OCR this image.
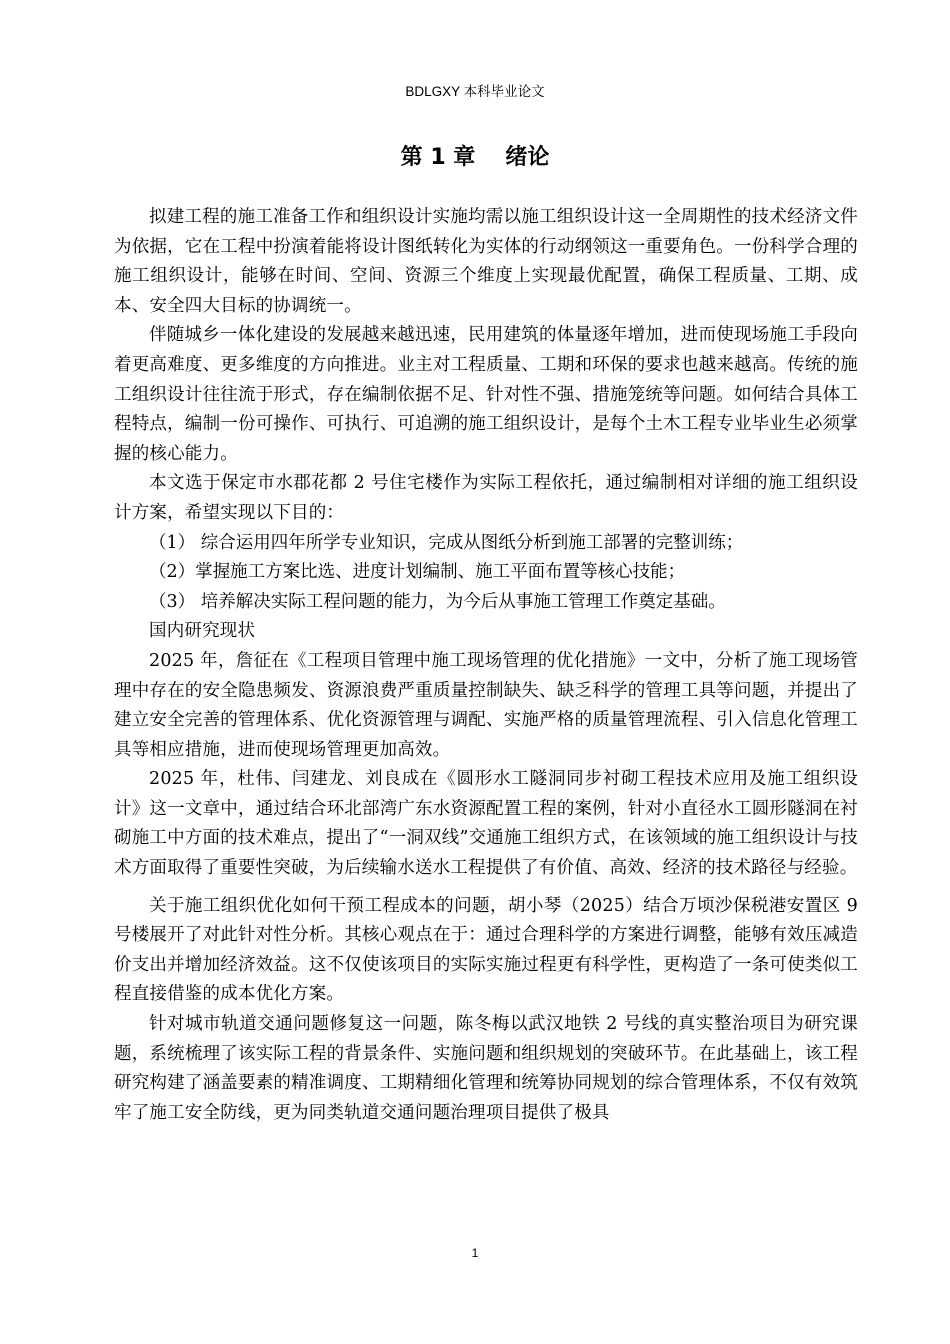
BDLGXY 本科毕业论文
第 1 章 绪论

拟建工程的施工准备工作和组织设计实施均需以施工组织设计这一全周期性的技术经济文件为依据，它在工程中扮演着能将设计图纸转化为实体的行动纲领这一重要角色。一份科学合理的施工组织设计，能够在时间、空间、资源三个维度上实现最优配置，确保工程质量、工期、成本、安全四大目标的协调统一。

伴随城乡一体化建设的发展越来越迅速，民用建筑的体量逐年增加，进而使现场施工手段向着更高难度、更多维度的方向推进。业主对工程质量、工期和环保的要求也越来越高。传统的施工组织设计往往流于形式，存在编制依据不足、针对性不强、措施笼统等问题。如何结合具体工程特点，编制一份可操作、可执行、可追溯的施工组织设计，是每个土木工程专业毕业生必须掌握的核心能力。

本文选于保定市水郡花都 2 号住宅楼作为实际工程依托，通过编制相对详细的施工组织设计方案，希望实现以下目的：

（1） 综合运用四年所学专业知识，完成从图纸分析到施工部署的完整训练；

（2）掌握施工方案比选、进度计划编制、施工平面布置等核心技能；

（3） 培养解决实际工程问题的能力，为今后从事施工管理工作奠定基础。

国内研究现状

2025 年，詹征在《工程项目管理中施工现场管理的优化措施》一文中，分析了施工现场管理中存在的安全隐患频发、资源浪费严重质量控制缺失、缺乏科学的管理工具等问题，并提出了建立安全完善的管理体系、优化资源管理与调配、实施严格的质量管理流程、引入信息化管理工具等相应措施，进而使现场管理更加高效。

2025 年，杜伟、闫建龙、刘良成在《圆形水工隧洞同步衬砌工程技术应用及施工组织设计》这一文章中，通过结合环北部湾广东水资源配置工程的案例，针对小直径水工圆形隧洞在衬砌施工中方面的技术难点，提出了“一洞双线”交通施工组织方式，在该领域的施工组织设计与技术方面取得了重要性突破，为后续输水送水工程提供了有价值、高效、经济的技术路径与经验。

关于施工组织优化如何干预工程成本的问题，胡小琴（2025）结合万顷沙保税港安置区 9 号楼展开了对此针对性分析。其核心观点在于：通过合理科学的方案进行调整，能够有效压减造价支出并增加经济效益。这不仅使该项目的实际实施过程更有科学性，更构造了一条可使类似工程直接借鉴的成本优化方案。

针对城市轨道交通问题修复这一问题，陈冬梅以武汉地铁 2 号线的真实整治项目为研究课题，系统梳理了该实际工程的背景条件、实施问题和组织规划的突破环节。在此基础上，该工程研究构建了涵盖要素的精准调度、工期精细化管理和统筹协同规划的综合管理体系，不仅有效筑牢了施工安全防线，更为同类轨道交通问题治理项目提供了极具

1
